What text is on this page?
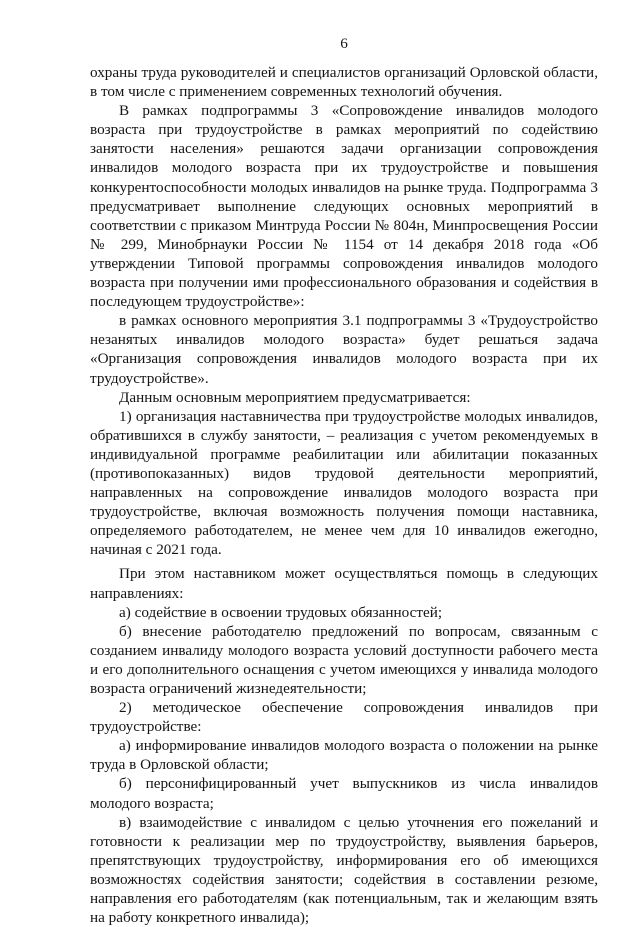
6

охраны труда руководителей и специалистов организаций Орловской области, в том числе с применением современных технологий обучения.

В рамках подпрограммы 3 «Сопровождение инвалидов молодого возраста при трудоустройстве в рамках мероприятий по содействию занятости населения» решаются задачи организации сопровождения инвалидов молодого возраста при их трудоустройстве и повышения конкурентоспособности молодых инвалидов на рынке труда. Подпрограмма 3 предусматривает выполнение следующих основных мероприятий в соответствии с приказом Минтруда России № 804н, Минпросвещения России № 299, Минобрнауки России № 1154 от 14 декабря 2018 года «Об утверждении Типовой программы сопровождения инвалидов молодого возраста при получении ими профессионального образования и содействия в последующем трудоустройстве»:

в рамках основного мероприятия 3.1 подпрограммы 3 «Трудоустройство незанятых инвалидов молодого возраста» будет решаться задача «Организация сопровождения инвалидов молодого возраста при их трудоустройстве».

Данным основным мероприятием предусматривается:

1) организация наставничества при трудоустройстве молодых инвалидов, обратившихся в службу занятости, – реализация с учетом рекомендуемых в индивидуальной программе реабилитации или абилитации показанных (противопоказанных) видов трудовой деятельности мероприятий, направленных на сопровождение инвалидов молодого возраста при трудоустройстве, включая возможность получения помощи наставника, определяемого работодателем, не менее чем для 10 инвалидов ежегодно, начиная с 2021 года.

При этом наставником может осуществляться помощь в следующих направлениях:

а) содействие в освоении трудовых обязанностей;

б) внесение работодателю предложений по вопросам, связанным с созданием инвалиду молодого возраста условий доступности рабочего места и его дополнительного оснащения с учетом имеющихся у инвалида молодого возраста ограничений жизнедеятельности;

2) методическое обеспечение сопровождения инвалидов при трудоустройстве:

а) информирование инвалидов молодого возраста о положении на рынке труда в Орловской области;

б) персонифицированный учет выпускников из числа инвалидов молодого возраста;

в) взаимодействие с инвалидом с целью уточнения его пожеланий и готовности к реализации мер по трудоустройству, выявления барьеров, препятствующих трудоустройству, информирования его об имеющихся возможностях содействия занятости; содействия в составлении резюме, направления его работодателям (как потенциальным, так и желающим взять на работу конкретного инвалида);
